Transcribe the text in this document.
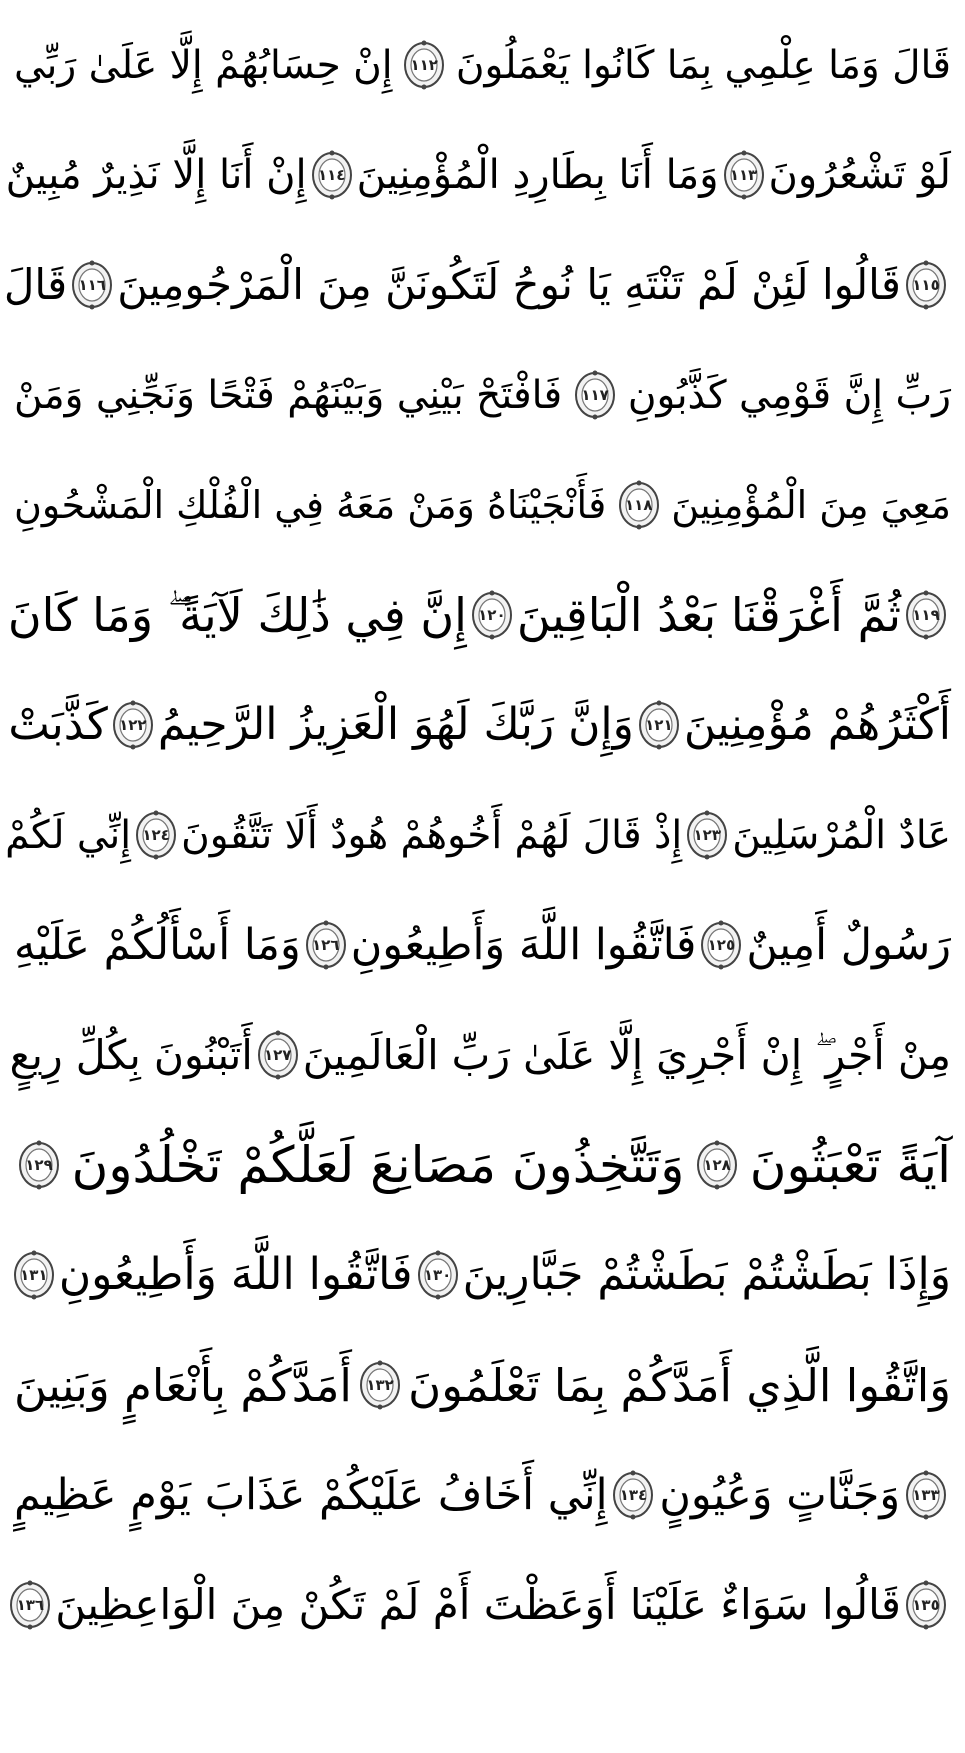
قَالَ وَمَا عِلْمِي بِمَا كَانُوا يَعْمَلُونَ
١١٢
إِنْ حِسَابُهُمْ إِلَّا عَلَىٰ رَبِّي
لَوْ تَشْعُرُونَ
١١٣
وَمَا أَنَا بِطَارِدِ الْمُؤْمِنِينَ
١١٤
إِنْ أَنَا إِلَّا نَذِيرٌ مُبِينٌ
١١٥
قَالُوا لَئِنْ لَمْ تَنْتَهِ يَا نُوحُ لَتَكُونَنَّ مِنَ الْمَرْجُومِينَ
١١٦
قَالَ
رَبِّ إِنَّ قَوْمِي كَذَّبُونِ
١١٧
فَافْتَحْ بَيْنِي وَبَيْنَهُمْ فَتْحًا وَنَجِّنِي وَمَنْ
مَعِيَ مِنَ الْمُؤْمِنِينَ
١١٨
فَأَنْجَيْنَاهُ وَمَنْ مَعَهُ فِي الْفُلْكِ الْمَشْحُونِ
١١٩
ثُمَّ أَغْرَقْنَا بَعْدُ الْبَاقِينَ
١٢٠
إِنَّ فِي ذَٰلِكَ لَآيَةً ۖ وَمَا كَانَ
أَكْثَرُهُمْ مُؤْمِنِينَ
١٢١
وَإِنَّ رَبَّكَ لَهُوَ الْعَزِيزُ الرَّحِيمُ
١٢٢
كَذَّبَتْ
عَادٌ الْمُرْسَلِينَ
١٢٣
إِذْ قَالَ لَهُمْ أَخُوهُمْ هُودٌ أَلَا تَتَّقُونَ
١٢٤
إِنِّي لَكُمْ
رَسُولٌ أَمِينٌ
١٢٥
فَاتَّقُوا اللَّهَ وَأَطِيعُونِ
١٢٦
وَمَا أَسْأَلُكُمْ عَلَيْهِ
مِنْ أَجْرٍ ۖ إِنْ أَجْرِيَ إِلَّا عَلَىٰ رَبِّ الْعَالَمِينَ
١٢٧
أَتَبْنُونَ بِكُلِّ رِيعٍ
آيَةً تَعْبَثُونَ
١٢٨
وَتَتَّخِذُونَ مَصَانِعَ لَعَلَّكُمْ تَخْلُدُونَ
١٢٩
وَإِذَا بَطَشْتُمْ بَطَشْتُمْ جَبَّارِينَ
١٣٠
فَاتَّقُوا اللَّهَ وَأَطِيعُونِ
١٣١
وَاتَّقُوا الَّذِي أَمَدَّكُمْ بِمَا تَعْلَمُونَ
١٣٢
أَمَدَّكُمْ بِأَنْعَامٍ وَبَنِينَ
١٣٣
وَجَنَّاتٍ وَعُيُونٍ
١٣٤
إِنِّي أَخَافُ عَلَيْكُمْ عَذَابَ يَوْمٍ عَظِيمٍ
١٣٥
قَالُوا سَوَاءٌ عَلَيْنَا أَوَعَظْتَ أَمْ لَمْ تَكُنْ مِنَ الْوَاعِظِينَ
١٣٦
